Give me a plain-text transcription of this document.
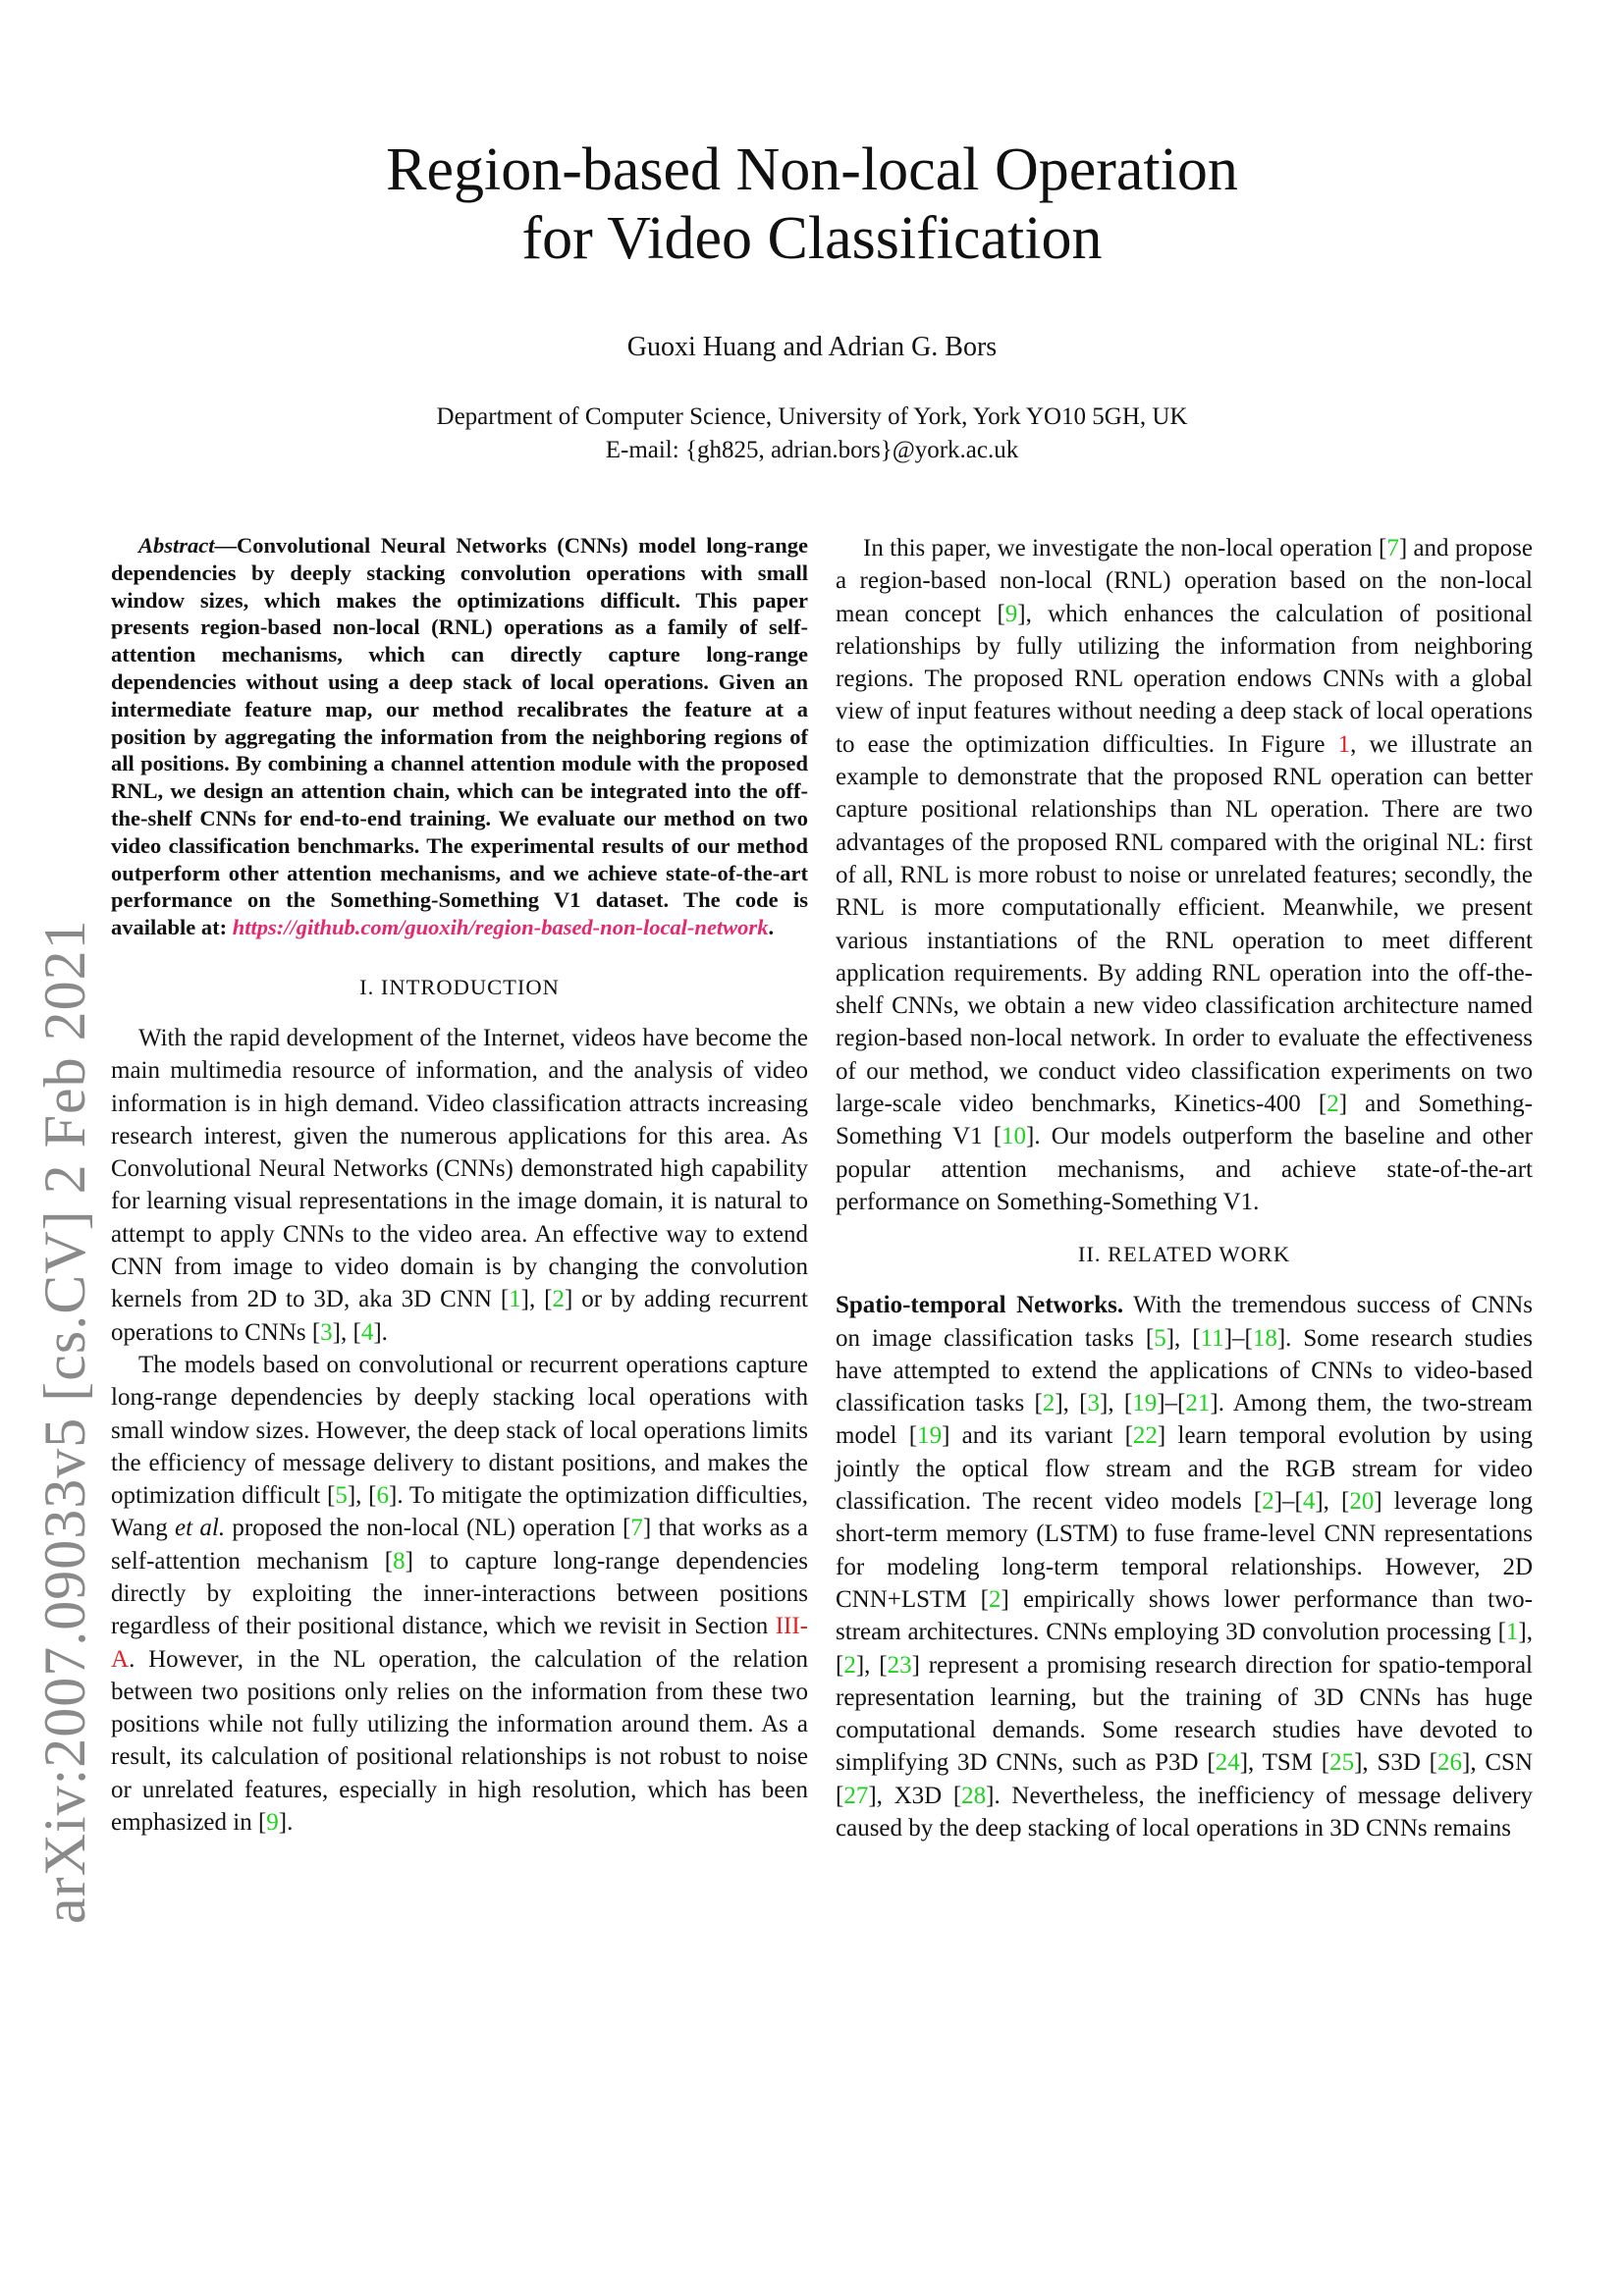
arXiv:2007.09033v5 [cs.CV] 2 Feb 2021
Region-based Non-local Operation
for Video Classification
Guoxi Huang and Adrian G. Bors
Department of Computer Science, University of York, York YO10 5GH, UK
E-mail: {gh825, adrian.bors}@york.ac.uk

Abstract—Convolutional Neural Networks (CNNs) model long-range dependencies by deeply stacking convolution operations with small window sizes, which makes the optimizations difficult. This paper presents region-based non-local (RNL) operations as a family of self-attention mechanisms, which can directly capture long-range dependencies without using a deep stack of local operations. Given an intermediate feature map, our method recalibrates the feature at a position by aggregating the information from the neighboring regions of all positions. By combining a channel attention module with the proposed RNL, we design an attention chain, which can be integrated into the off-the-shelf CNNs for end-to-end training. We evaluate our method on two video classification benchmarks. The experimental results of our method outperform other attention mechanisms, and we achieve state-of-the-art performance on the Something-Something V1 dataset. The code is available at: https://github.com/guoxih/region-based-non-local-network.

I. INTRODUCTION

With the rapid development of the Internet, videos have become the main multimedia resource of information, and the analysis of video information is in high demand. Video classification attracts increasing research interest, given the numerous applications for this area. As Convolutional Neural Networks (CNNs) demonstrated high capability for learning visual representations in the image domain, it is natural to attempt to apply CNNs to the video area. An effective way to extend CNN from image to video domain is by changing the convolution kernels from 2D to 3D, aka 3D CNN [1], [2] or by adding recurrent operations to CNNs [3], [4].

The models based on convolutional or recurrent operations capture long-range dependencies by deeply stacking local operations with small window sizes. However, the deep stack of local operations limits the efficiency of message delivery to distant positions, and makes the optimization difficult [5], [6]. To mitigate the optimization difficulties, Wang et al. proposed the non-local (NL) operation [7] that works as a self-attention mechanism [8] to capture long-range dependencies directly by exploiting the inner-interactions between positions regardless of their positional distance, which we revisit in Section III-A. However, in the NL operation, the calculation of the relation between two positions only relies on the information from these two positions while not fully utilizing the information around them. As a result, its calculation of positional relationships is not robust to noise or unrelated features, especially in high resolution, which has been emphasized in [9].

In this paper, we investigate the non-local operation [7] and propose a region-based non-local (RNL) operation based on the non-local mean concept [9], which enhances the calculation of positional relationships by fully utilizing the information from neighboring regions. The proposed RNL operation endows CNNs with a global view of input features without needing a deep stack of local operations to ease the optimization difficulties. In Figure 1, we illustrate an example to demonstrate that the proposed RNL operation can better capture positional relationships than NL operation. There are two advantages of the proposed RNL compared with the original NL: first of all, RNL is more robust to noise or unrelated features; secondly, the RNL is more computationally efficient. Meanwhile, we present various instantiations of the RNL operation to meet different application requirements. By adding RNL operation into the off-the-shelf CNNs, we obtain a new video classification architecture named region-based non-local network. In order to evaluate the effectiveness of our method, we conduct video classification experiments on two large-scale video benchmarks, Kinetics-400 [2] and Something-Something V1 [10]. Our models outperform the baseline and other popular attention mechanisms, and achieve state-of-the-art performance on Something-Something V1.

II. RELATED WORK

Spatio-temporal Networks. With the tremendous success of CNNs on image classification tasks [5], [11]–[18]. Some research studies have attempted to extend the applications of CNNs to video-based classification tasks [2], [3], [19]–[21]. Among them, the two-stream model [19] and its variant [22] learn temporal evolution by using jointly the optical flow stream and the RGB stream for video classification. The recent video models [2]–[4], [20] leverage long short-term memory (LSTM) to fuse frame-level CNN representations for modeling long-term temporal relationships. However, 2D CNN+LSTM [2] empirically shows lower performance than two-stream architectures. CNNs employing 3D convolution processing [1], [2], [23] represent a promising research direction for spatio-temporal representation learning, but the training of 3D CNNs has huge computational demands. Some research studies have devoted to simplifying 3D CNNs, such as P3D [24], TSM [25], S3D [26], CSN [27], X3D [28]. Nevertheless, the inefficiency of message delivery caused by the deep stacking of local operations in 3D CNNs remains
